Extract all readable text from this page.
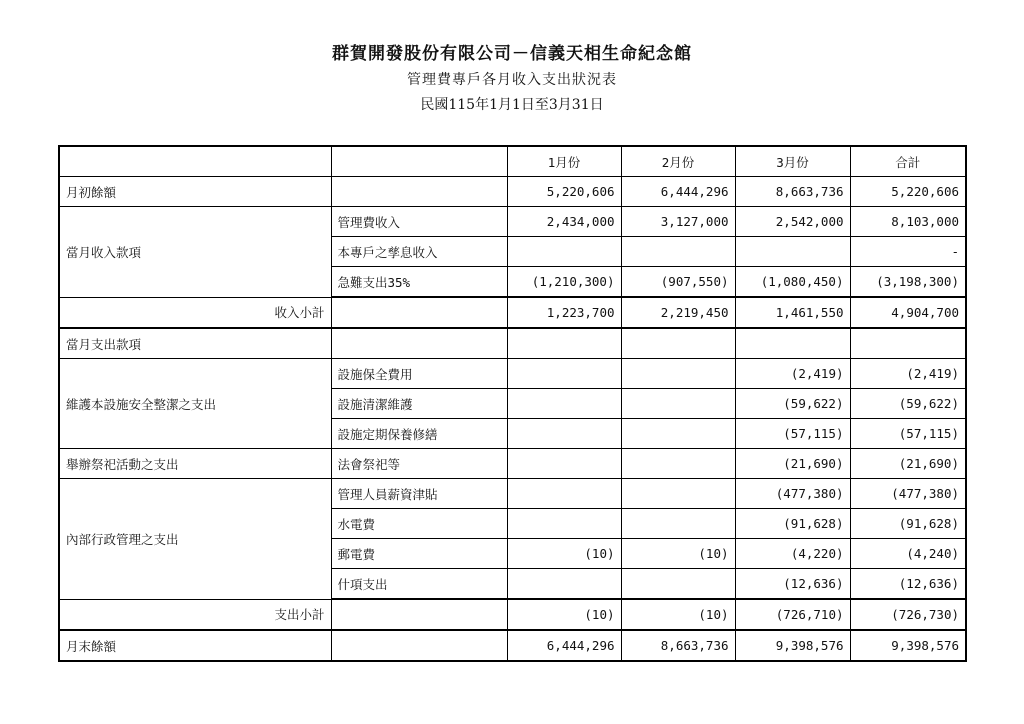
群賀開發股份有限公司－信義天相生命紀念館
管理費專戶各月收入支出狀況表
民國115年1月1日至3月31日
		1月份	2月份	3月份	合計
月初餘額		5,220,606	6,444,296	8,663,736	5,220,606
當月收入款項	管理費收入	2,434,000	3,127,000	2,542,000	8,103,000
	本專戶之孳息收入				-
	急難支出35%	(1,210,300)	(907,550)	(1,080,450)	(3,198,300)
收入小計		1,223,700	2,219,450	1,461,550	4,904,700
當月支出款項					
維護本設施安全整潔之支出	設施保全費用			(2,419)	(2,419)
	設施清潔維護			(59,622)	(59,622)
	設施定期保養修繕			(57,115)	(57,115)
舉辦祭祀活動之支出	法會祭祀等			(21,690)	(21,690)
內部行政管理之支出	管理人員薪資津貼			(477,380)	(477,380)
	水電費			(91,628)	(91,628)
	郵電費	(10)	(10)	(4,220)	(4,240)
	什項支出			(12,636)	(12,636)
支出小計		(10)	(10)	(726,710)	(726,730)
月末餘額		6,444,296	8,663,736	9,398,576	9,398,576
